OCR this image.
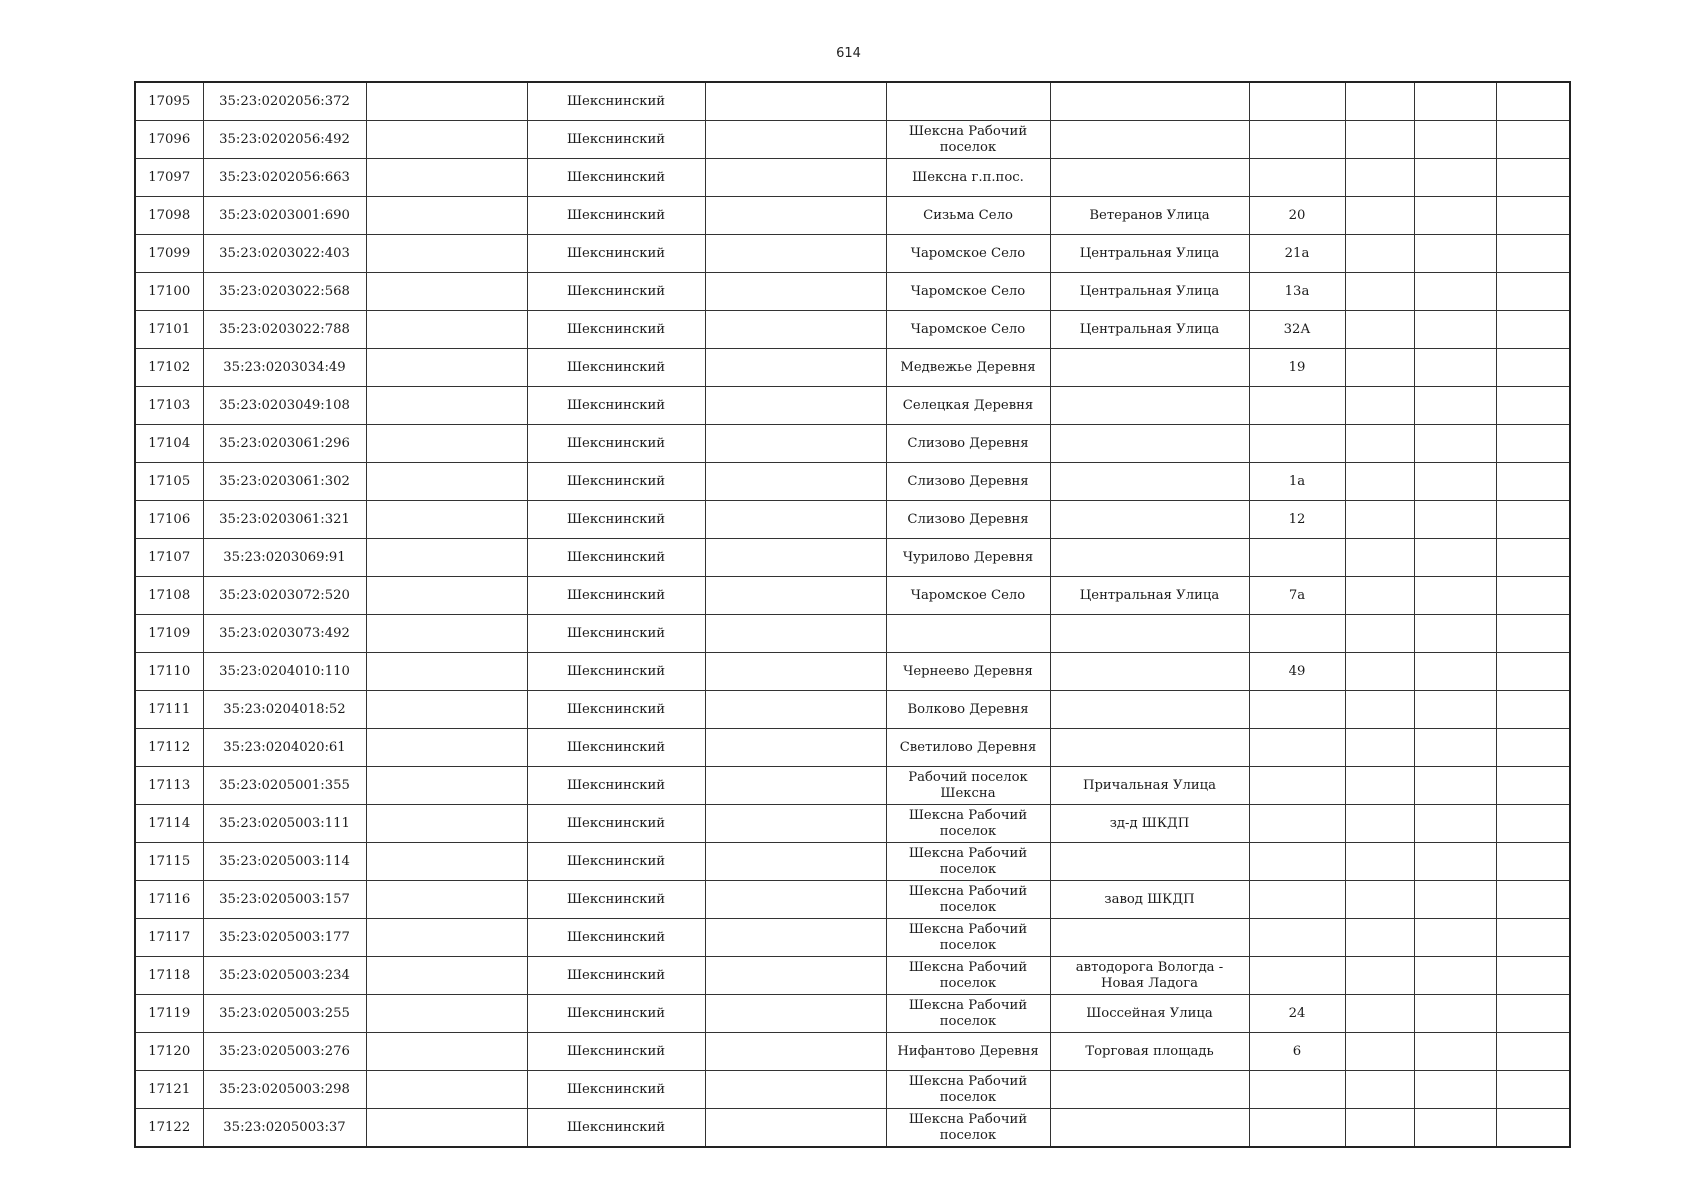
614
17095	35:23:0202056:372		Шекснинский							
17096	35:23:0202056:492		Шекснинский		Шексна Рабочий поселок					
17097	35:23:0202056:663		Шекснинский		Шексна г.п.пос.					
17098	35:23:0203001:690		Шекснинский		Сизьма Село	Ветеранов Улица	20			
17099	35:23:0203022:403		Шекснинский		Чаромское Село	Центральная Улица	21а			
17100	35:23:0203022:568		Шекснинский		Чаромское Село	Центральная Улица	13а			
17101	35:23:0203022:788		Шекснинский		Чаромское Село	Центральная Улица	32А			
17102	35:23:0203034:49		Шекснинский		Медвежье Деревня		19			
17103	35:23:0203049:108		Шекснинский		Селецкая Деревня					
17104	35:23:0203061:296		Шекснинский		Слизово Деревня					
17105	35:23:0203061:302		Шекснинский		Слизово Деревня		1а			
17106	35:23:0203061:321		Шекснинский		Слизово Деревня		12			
17107	35:23:0203069:91		Шекснинский		Чурилово Деревня					
17108	35:23:0203072:520		Шекснинский		Чаромское Село	Центральная Улица	7а			
17109	35:23:0203073:492		Шекснинский							
17110	35:23:0204010:110		Шекснинский		Чернеево Деревня		49			
17111	35:23:0204018:52		Шекснинский		Волково Деревня					
17112	35:23:0204020:61		Шекснинский		Светилово Деревня					
17113	35:23:0205001:355		Шекснинский		Рабочий поселок Шексна	Причальная Улица				
17114	35:23:0205003:111		Шекснинский		Шексна Рабочий поселок	зд-д ШКДП				
17115	35:23:0205003:114		Шекснинский		Шексна Рабочий поселок					
17116	35:23:0205003:157		Шекснинский		Шексна Рабочий поселок	завод ШКДП				
17117	35:23:0205003:177		Шекснинский		Шексна Рабочий поселок					
17118	35:23:0205003:234		Шекснинский		Шексна Рабочий поселок	автодорога Вологда - Новая Ладога				
17119	35:23:0205003:255		Шекснинский		Шексна Рабочий поселок	Шоссейная Улица	24			
17120	35:23:0205003:276		Шекснинский		Нифантово Деревня	Торговая площадь	6			
17121	35:23:0205003:298		Шекснинский		Шексна Рабочий поселок					
17122	35:23:0205003:37		Шекснинский		Шексна Рабочий поселок					
